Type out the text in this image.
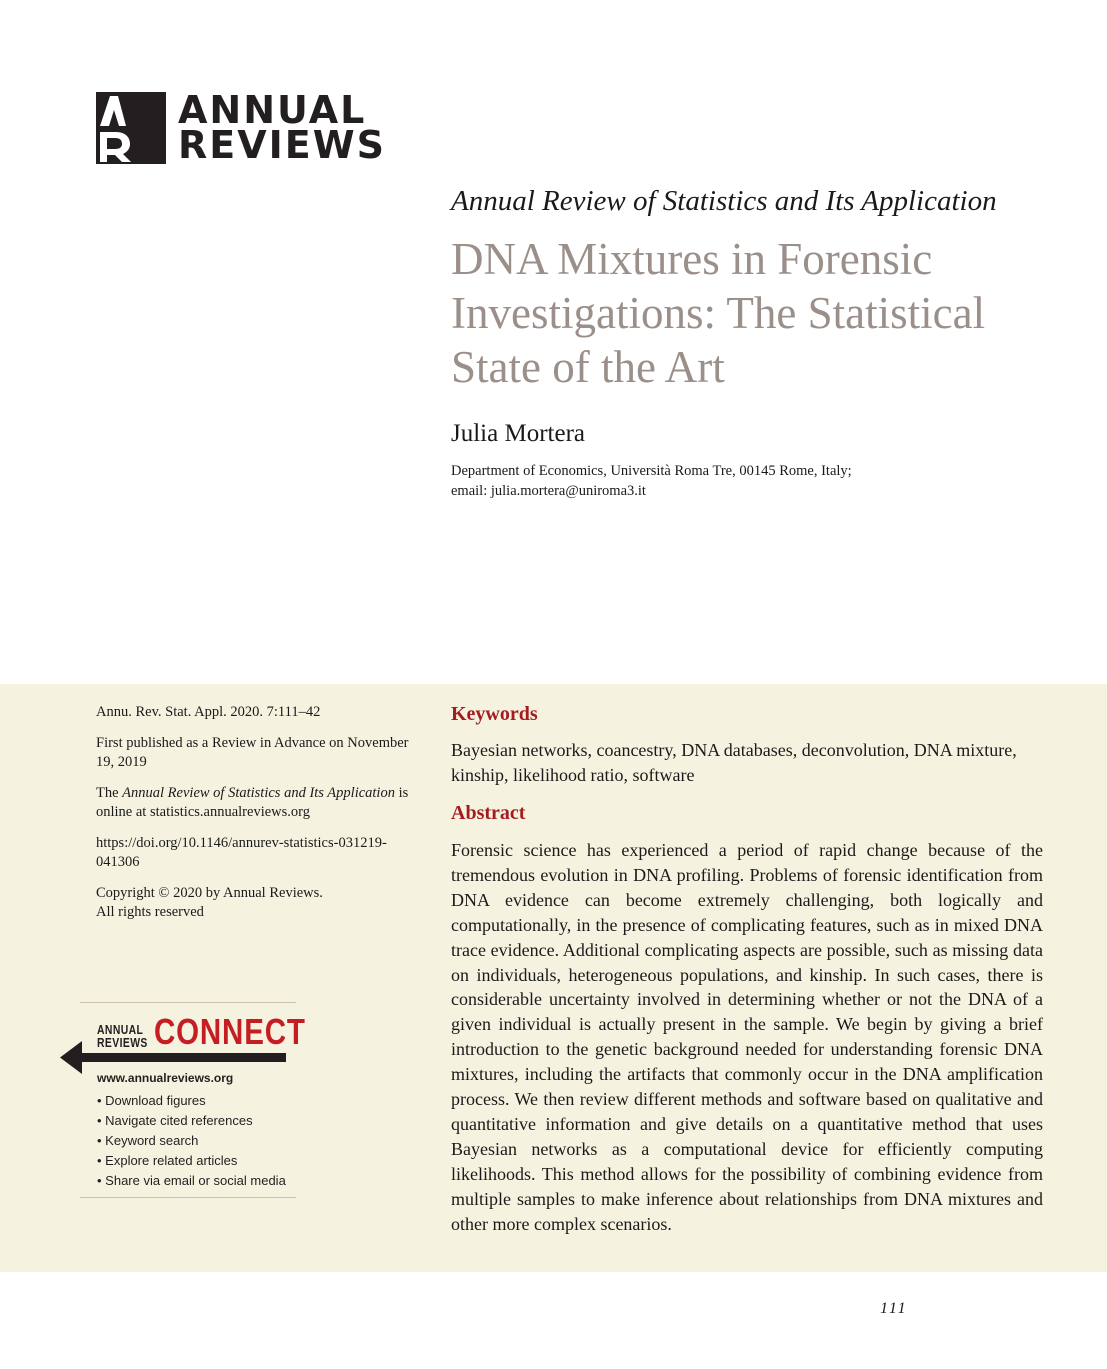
ANNUAL
REVIEWS
Annual Review of Statistics and Its Application
DNA Mixtures in Forensic Investigations: The Statistical State of the Art
Julia Mortera
Department of Economics, Università Roma Tre, 00145 Rome, Italy;
email: julia.mortera@uniroma3.it

Annu. Rev. Stat. Appl. 2020. 7:111–42

First published as a Review in Advance on November 19, 2019

The Annual Review of Statistics and Its Application is online at statistics.annualreviews.org

https://doi.org/10.1146/annurev-statistics-031219-041306

Copyright © 2020 by Annual Reviews.
All rights reserved

ANNUAL
REVIEWS CONNECT
www.annualreviews.org
• Download figures
• Navigate cited references
• Keyword search
• Explore related articles
• Share via email or social media
Keywords
Bayesian networks, coancestry, DNA databases, deconvolution, DNA mixture, kinship, likelihood ratio, software
Abstract

Forensic science has experienced a period of rapid change because of the tremendous evolution in DNA profiling. Problems of forensic identification from DNA evidence can become extremely challenging, both logically and computationally, in the presence of complicating features, such as in mixed DNA trace evidence. Additional complicating aspects are possible, such as missing data on individuals, heterogeneous populations, and kinship. In such cases, there is considerable uncertainty involved in determining whether or not the DNA of a given individual is actually present in the sample. We begin by giving a brief introduction to the genetic background needed for understanding forensic DNA mixtures, including the artifacts that commonly occur in the DNA amplification process. We then review different methods and software based on qualitative and quantitative information and give details on a quantitative method that uses Bayesian networks as a computational device for efficiently computing likelihoods. This method allows for the possibility of combining evidence from multiple samples to make inference about relationships from DNA mixtures and other more complex scenarios.

111
